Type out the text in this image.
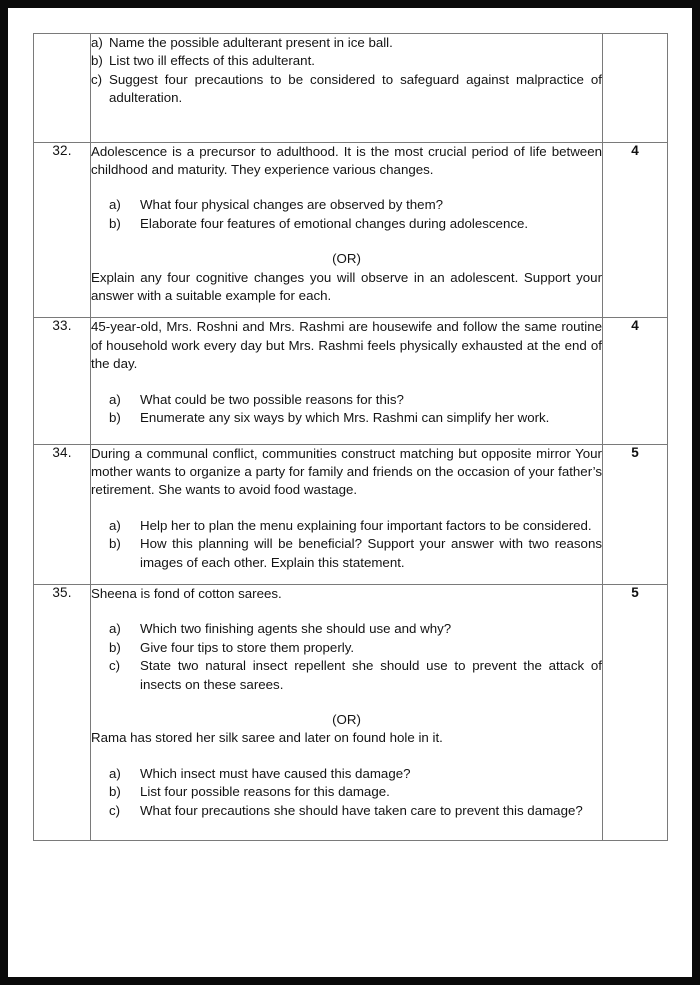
a) Name the possible adulterant present in ice ball.
b) List two ill effects of this adulterant.
c) Suggest four precautions to be considered to safeguard against malpractice of adulteration.

32.	Adolescence is a precursor to adulthood. It is the most crucial period of life between childhood and maturity. They experience various changes.

a) What four physical changes are observed by them?
b) Elaborate four features of emotional changes during adolescence.

(OR)

Explain any four cognitive changes you will observe in an adolescent. Support your answer with a suitable example for each.

	4
33.	45-year-old, Mrs. Roshni and Mrs. Rashmi are housewife and follow the same routine of household work every day but Mrs. Rashmi feels physically exhausted at the end of the day.

a) What could be two possible reasons for this?
b) Enumerate any six ways by which Mrs. Rashmi can simplify her work.
	4
34.	During a communal conflict, communities construct matching but opposite mirror Your mother wants to organize a party for family and friends on the occasion of your father’s retirement. She wants to avoid food wastage.

a) Help her to plan the menu explaining four important factors to be considered.
b) How this planning will be beneficial? Support your answer with two reasons images of each other. Explain this statement.
	5
35.	Sheena is fond of cotton sarees.

a) Which two finishing agents she should use and why?
b) Give four tips to store them properly.
c) State two natural insect repellent she should use to prevent the attack of insects on these sarees.

(OR)

Rama has stored her silk saree and later on found hole in it.

a) Which insect must have caused this damage?
b) List four possible reasons for this damage.
c) What four precautions she should have taken care to prevent this damage?
	5
